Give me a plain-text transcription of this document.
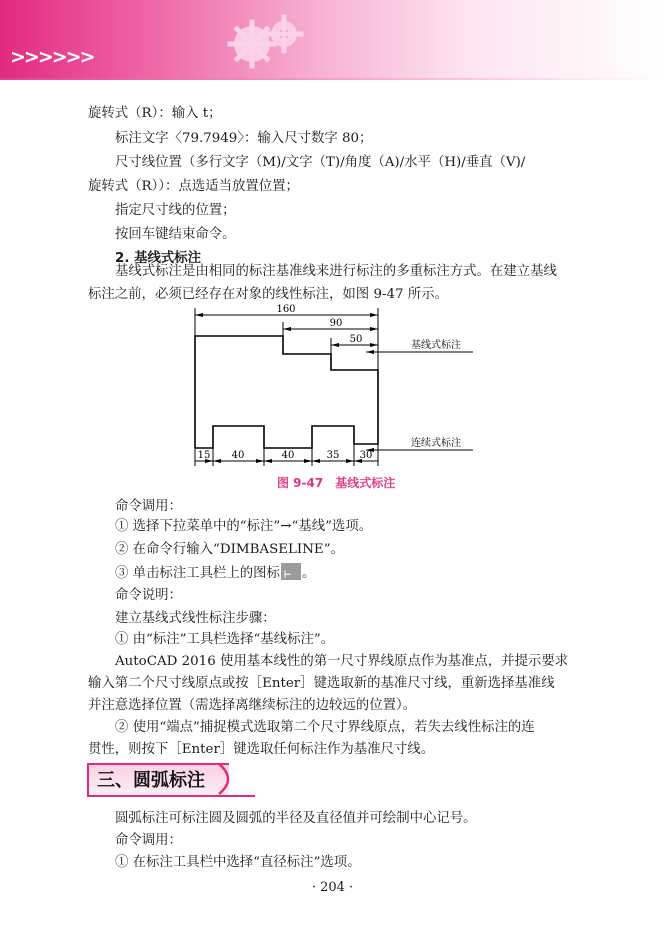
>>>>>>
旋转式（R）：输入 t；
标注文字〈79.7949〉：输入尺寸数字 80；
尺寸线位置（多行文字（M)/文字（T)/角度（A)/水平（H)/垂直（V)/
旋转式（R））：点选适当放置位置；
指定尺寸线的位置；
按回车键结束命令。
2. 基线式标注
基线式标注是由相同的标注基准线来进行标注的多重标注方式。在建立基线
标注之前，必须已经存在对象的线性标注，如图 9-47 所示。
160
90
50
基线式标注
连续式标注
15 40	40	35 30
图 9-47　基线式标注
命令调用：
① 选择下拉菜单中的“标注”→“基线”选项。
② 在命令行输入“DIMBASELINE”。
③ 单击标注工具栏上的图标 ⊢ 。
命令说明：
建立基线式线性标注步骤：
① 由“标注”工具栏选择“基线标注”。
AutoCAD 2016 使用基本线性的第一尺寸界线原点作为基准点，并提示要求
输入第二个尺寸线原点或按［Enter］键选取新的基准尺寸线，重新选择基准线
并注意选择位置（需选择离继续标注的边较远的位置）。
② 使用“端点”捕捉模式选取第二个尺寸界线原点，若失去线性标注的连
贯性，则按下［Enter］键选取任何标注作为基准尺寸线。
三、圆弧标注
圆弧标注可标注圆及圆弧的半径及直径值并可绘制中心记号。
命令调用：
① 在标注工具栏中选择“直径标注”选项。
· 204 ·
